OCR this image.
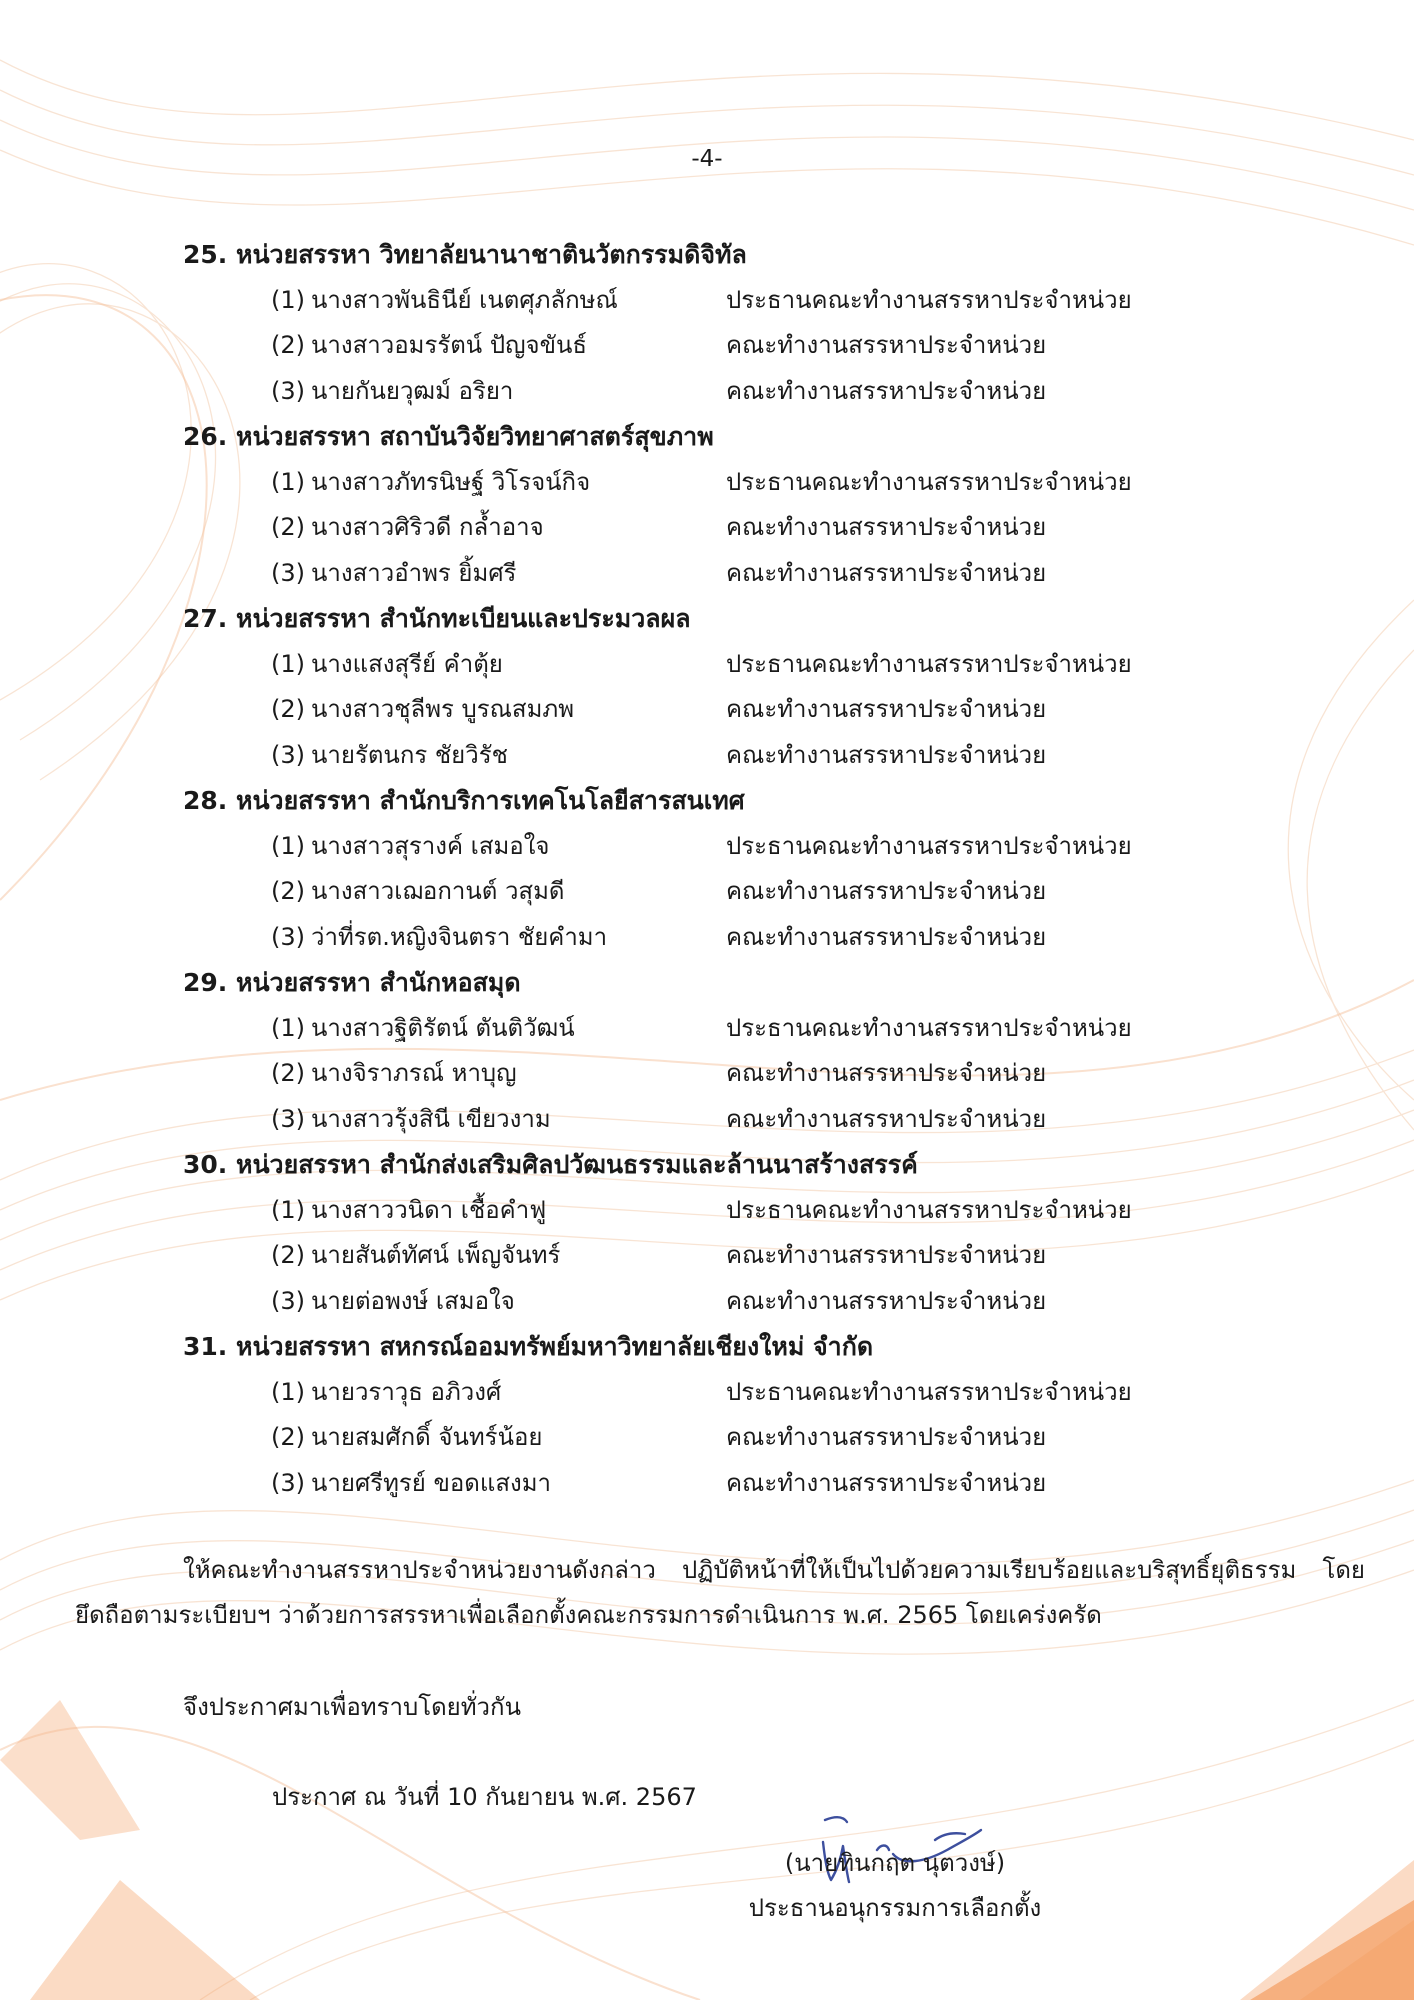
-4-
25. หน่วยสรรหา วิทยาลัยนานาชาตินวัตกรรมดิจิทัล
(1) นางสาวพันธินีย์ เนตศุภลักษณ์	ประธานคณะทำงานสรรหาประจำหน่วย
(2) นางสาวอมรรัตน์ ปัญจขันธ์	คณะทำงานสรรหาประจำหน่วย
(3) นายกันยวุฒม์ อริยา	คณะทำงานสรรหาประจำหน่วย
26. หน่วยสรรหา สถาบันวิจัยวิทยาศาสตร์สุขภาพ
(1) นางสาวภัทรนิษฐ์ วิโรจน์กิจ	ประธานคณะทำงานสรรหาประจำหน่วย
(2) นางสาวศิริวดี กล้ำอาจ	คณะทำงานสรรหาประจำหน่วย
(3) นางสาวอำพร ยิ้มศรี	คณะทำงานสรรหาประจำหน่วย
27. หน่วยสรรหา สำนักทะเบียนและประมวลผล
(1) นางแสงสุรีย์ คำตุ้ย	ประธานคณะทำงานสรรหาประจำหน่วย
(2) นางสาวชุลีพร บูรณสมภพ	คณะทำงานสรรหาประจำหน่วย
(3) นายรัตนกร ชัยวิรัช	คณะทำงานสรรหาประจำหน่วย
28. หน่วยสรรหา สำนักบริการเทคโนโลยีสารสนเทศ
(1) นางสาวสุรางค์ เสมอใจ	ประธานคณะทำงานสรรหาประจำหน่วย
(2) นางสาวเฌอกานต์ วสุมดี	คณะทำงานสรรหาประจำหน่วย
(3) ว่าที่รต.หญิงจินตรา ชัยคำมา	คณะทำงานสรรหาประจำหน่วย
29. หน่วยสรรหา สำนักหอสมุด
(1) นางสาวฐิติรัตน์ ตันติวัฒน์	ประธานคณะทำงานสรรหาประจำหน่วย
(2) นางจิราภรณ์ หาบุญ	คณะทำงานสรรหาประจำหน่วย
(3) นางสาวรุ้งสินี เขียวงาม	คณะทำงานสรรหาประจำหน่วย
30. หน่วยสรรหา สำนักส่งเสริมศิลปวัฒนธรรมและล้านนาสร้างสรรค์
(1) นางสาววนิดา เชื้อคำฟู	ประธานคณะทำงานสรรหาประจำหน่วย
(2) นายสันต์ทัศน์ เพ็ญจันทร์	คณะทำงานสรรหาประจำหน่วย
(3) นายต่อพงษ์ เสมอใจ	คณะทำงานสรรหาประจำหน่วย
31. หน่วยสรรหา สหกรณ์ออมทรัพย์มหาวิทยาลัยเชียงใหม่ จำกัด
(1) นายวราวุธ อภิวงศ์	ประธานคณะทำงานสรรหาประจำหน่วย
(2) นายสมศักดิ์ จันทร์น้อย	คณะทำงานสรรหาประจำหน่วย
(3) นายศรีทูรย์ ขอดแสงมา	คณะทำงานสรรหาประจำหน่วย
ให้คณะทำงานสรรหาประจำหน่วยงานดังกล่าว ปฏิบัติหน้าที่ให้เป็นไปด้วยความเรียบร้อยและบริสุทธิ์ยุติธรรม โดยยึดถือตามระเบียบฯ ว่าด้วยการสรรหาเพื่อเลือกตั้งคณะกรรมการดำเนินการ พ.ศ. 2565 โดยเคร่งครัด
จึงประกาศมาเพื่อทราบโดยทั่วกัน
ประกาศ ณ วันที่ 10 กันยายน พ.ศ. 2567
(นายทินกฤต นุตวงษ์)
ประธานอนุกรรมการเลือกตั้ง
